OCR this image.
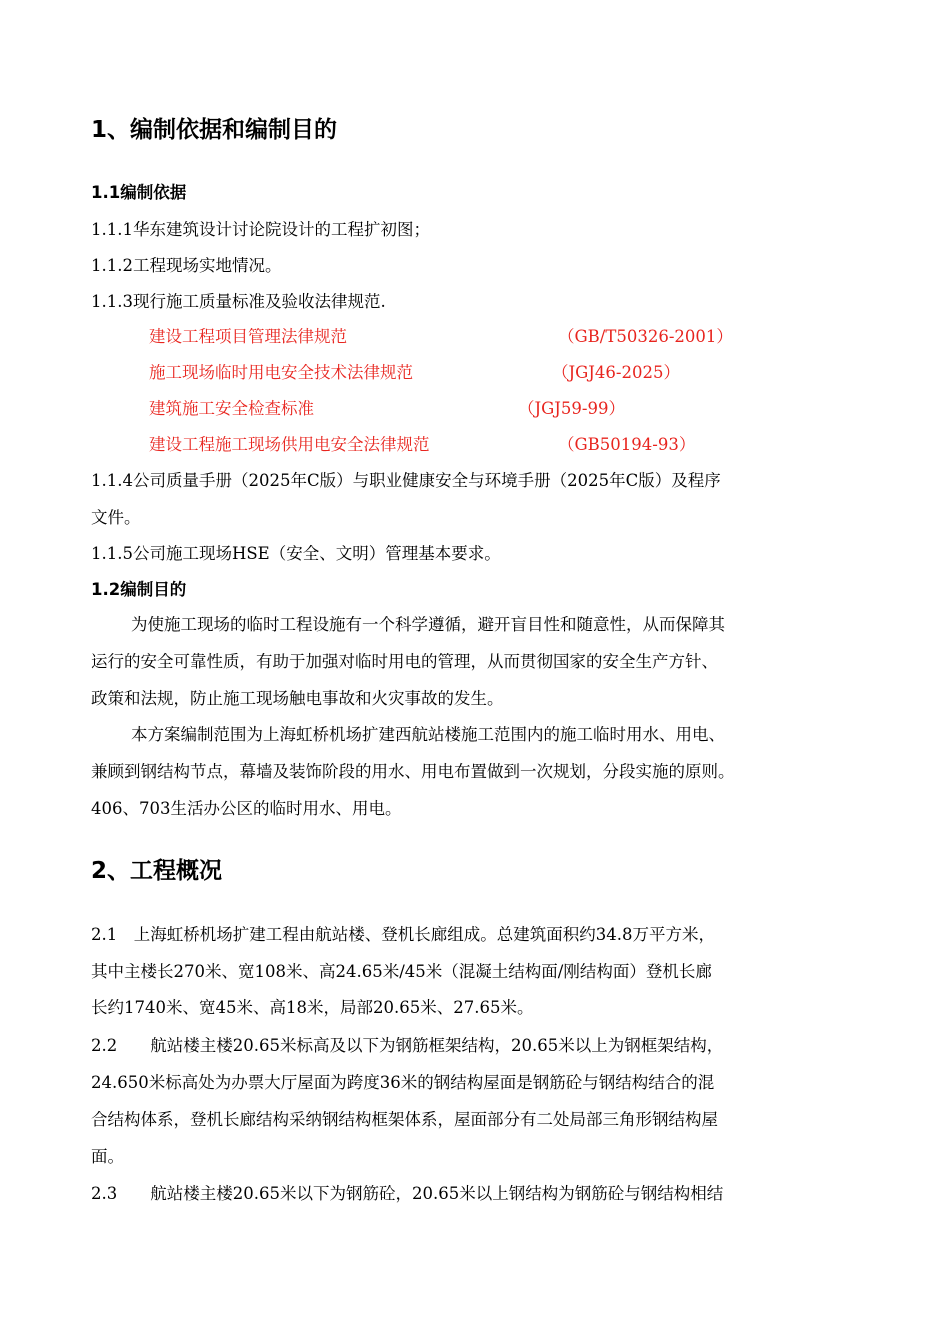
1、编制依据和编制目的
1.1编制依据
1.1.1华东建筑设计讨论院设计的工程扩初图；
1.1.2工程现场实地情况。
1.1.3现行施工质量标准及验收法律规范.
建设工程项目管理法律规范	（GB/T50326-2001）
施工现场临时用电安全技术法律规范	（JGJ46-2025）
建筑施工安全检查标准	（JGJ59-99）
建设工程施工现场供用电安全法律规范	（GB50194-93）
1.1.4公司质量手册（2025年C版）与职业健康安全与环境手册（2025年C版）及程序
文件。
1.1.5公司施工现场HSE（安全、文明）管理基本要求。
1.2编制目的
为使施工现场的临时工程设施有一个科学遵循，避开盲目性和随意性，从而保障其
运行的安全可靠性质，有助于加强对临时用电的管理，从而贯彻国家的安全生产方针、
政策和法规，防止施工现场触电事故和火灾事故的发生。
本方案编制范围为上海虹桥机场扩建西航站楼施工范围内的施工临时用水、用电、
兼顾到钢结构节点，幕墙及装饰阶段的用水、用电布置做到一次规划，分段实施的原则。
406、703生活办公区的临时用水、用电。
2、工程概况
2.1　上海虹桥机场扩建工程由航站楼、登机长廊组成。总建筑面积约34.8万平方米，
其中主楼长270米、宽108米、高24.65米/45米（混凝土结构面/刚结构面）登机长廊
长约1740米、宽45米、高18米，局部20.65米、27.65米。
2.2　　航站楼主楼20.65米标高及以下为钢筋框架结构，20.65米以上为钢框架结构，
24.650米标高处为办票大厅屋面为跨度36米的钢结构屋面是钢筋砼与钢结构结合的混
合结构体系，登机长廊结构采纳钢结构框架体系，屋面部分有二处局部三角形钢结构屋
面。
2.3　　航站楼主楼20.65米以下为钢筋砼，20.65米以上钢结构为钢筋砼与钢结构相结
